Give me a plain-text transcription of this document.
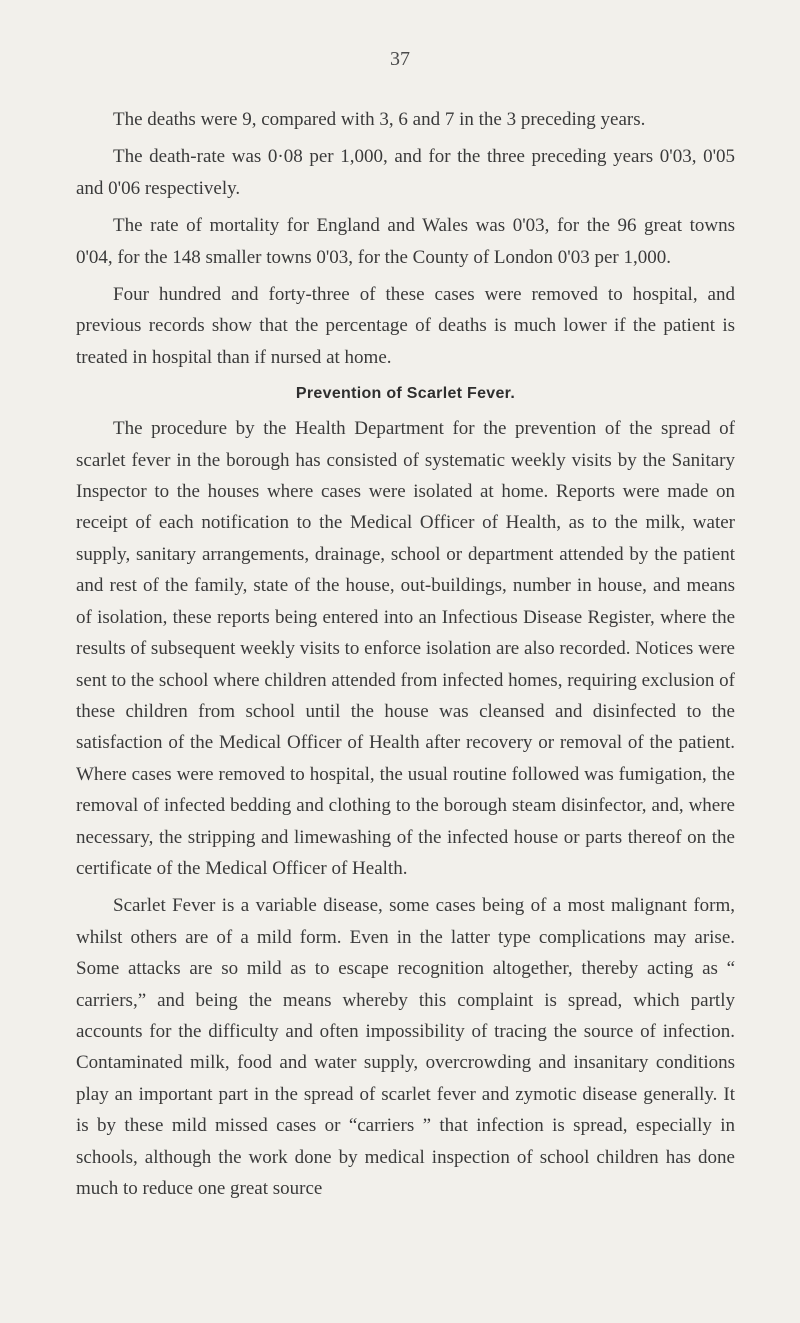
37

The deaths were 9, compared with 3, 6 and 7 in the 3 preceding years.

The death-rate was 0·08 per 1,000, and for the three preceding years 0'03, 0'05 and 0'06 respectively.

The rate of mortality for England and Wales was 0'03, for the 96 great towns 0'04, for the 148 smaller towns 0'03, for the County of London 0'03 per 1,000.

Four hundred and forty-three of these cases were removed to hospital, and previous records show that the percentage of deaths is much lower if the patient is treated in hospital than if nursed at home.

Prevention of Scarlet Fever.

The procedure by the Health Department for the prevention of the spread of scarlet fever in the borough has consisted of systematic weekly visits by the Sanitary Inspector to the houses where cases were isolated at home. Reports were made on receipt of each notification to the Medical Officer of Health, as to the milk, water supply, sanitary arrangements, drainage, school or department attended by the patient and rest of the family, state of the house, out-buildings, number in house, and means of isolation, these reports being entered into an Infectious Disease Register, where the results of subsequent weekly visits to enforce isolation are also recorded. Notices were sent to the school where children attended from infected homes, requiring exclusion of these children from school until the house was cleansed and disinfected to the satisfaction of the Medical Officer of Health after recovery or removal of the patient. Where cases were removed to hospital, the usual routine followed was fumigation, the removal of infected bedding and clothing to the borough steam disinfector, and, where necessary, the stripping and limewashing of the infected house or parts thereof on the certificate of the Medical Officer of Health.

Scarlet Fever is a variable disease, some cases being of a most malignant form, whilst others are of a mild form. Even in the latter type complications may arise. Some attacks are so mild as to escape recognition altogether, thereby acting as “ carriers,” and being the means whereby this complaint is spread, which partly accounts for the difficulty and often impossibility of tracing the source of infection. Contaminated milk, food and water supply, overcrowding and insanitary conditions play an important part in the spread of scarlet fever and zymotic disease generally. It is by these mild missed cases or “carriers ” that infection is spread, especially in schools, although the work done by medical inspection of school children has done much to reduce one great source
